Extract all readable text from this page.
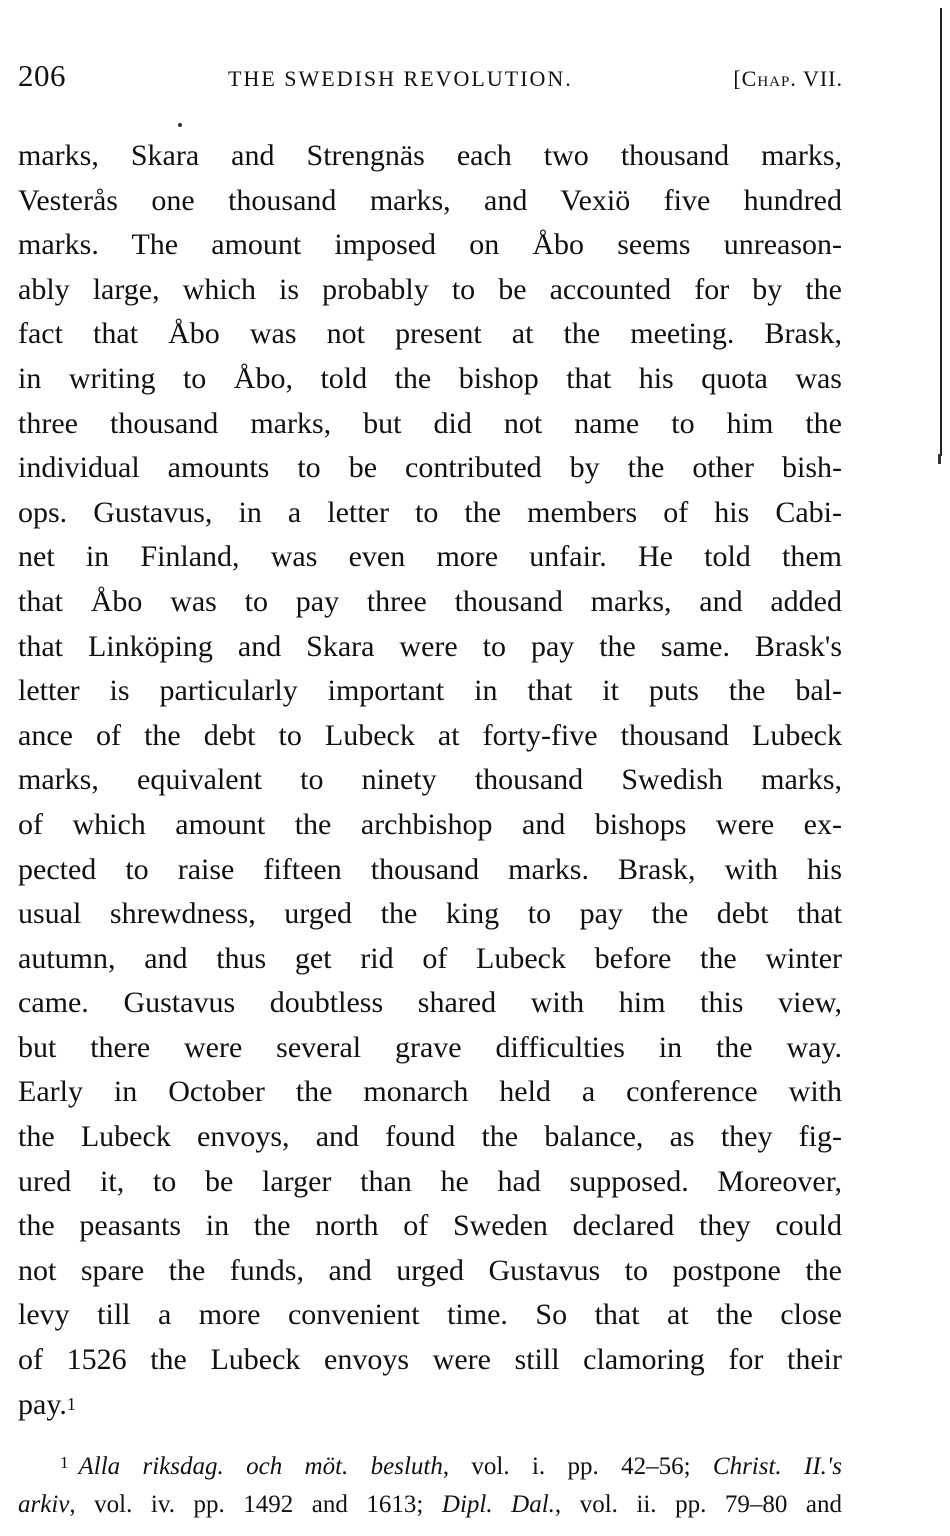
206	THE SWEDISH REVOLUTION.	[Chap. VII.
marks, Skara and Strengnäs each two thousand marks,
Vesterås one thousand marks, and Vexiö five hundred
marks. The amount imposed on Åbo seems unreason-
ably large, which is probably to be accounted for by the
fact that Åbo was not present at the meeting. Brask,
in writing to Åbo, told the bishop that his quota was
three thousand marks, but did not name to him the
individual amounts to be contributed by the other bish-
ops. Gustavus, in a letter to the members of his Cabi-
net in Finland, was even more unfair. He told them
that Åbo was to pay three thousand marks, and added
that Linköping and Skara were to pay the same. Brask's
letter is particularly important in that it puts the bal-
ance of the debt to Lubeck at forty-five thousand Lubeck
marks, equivalent to ninety thousand Swedish marks,
of which amount the archbishop and bishops were ex-
pected to raise fifteen thousand marks. Brask, with his
usual shrewdness, urged the king to pay the debt that
autumn, and thus get rid of Lubeck before the winter
came. Gustavus doubtless shared with him this view,
but there were several grave difficulties in the way.
Early in October the monarch held a conference with
the Lubeck envoys, and found the balance, as they fig-
ured it, to be larger than he had supposed. Moreover,
the peasants in the north of Sweden declared they could
not spare the funds, and urged Gustavus to postpone the
levy till a more convenient time. So that at the close
of 1526 the Lubeck envoys were still clamoring for their
pay.$^1$
$^1$ Alla riksdag. och möt. besluth, vol. i. pp. 42–56; Christ. II.'s
arkiv, vol. iv. pp. 1492 and 1613; Dipl. Dal., vol. ii. pp. 79–80 and
